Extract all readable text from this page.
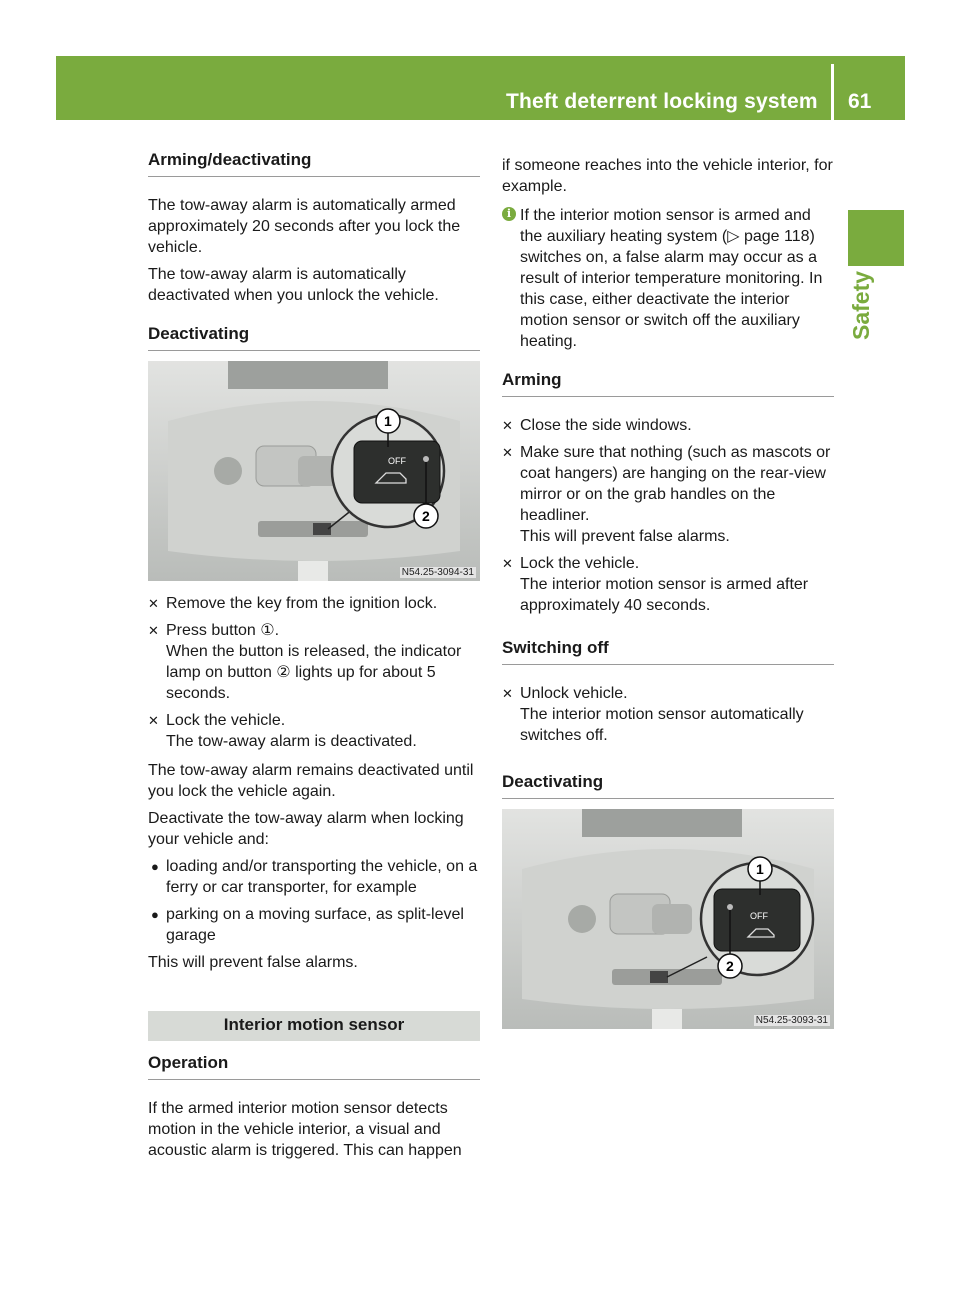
Theft deterrent locking system 61
Safety
Arming/deactivating

The tow-away alarm is automatically armed approximately 20 seconds after you lock the vehicle.

The tow-away alarm is automatically deactivated when you unlock the vehicle.

Deactivating
OFF
1
2
N54.25-3094-31
✕ Remove the key from the ignition lock.
✕ Press button ①.
When the button is released, the indicator lamp on button ② lights up for about 5 seconds.
✕ Lock the vehicle.
The tow-away alarm is deactivated.

The tow-away alarm remains deactivated until you lock the vehicle again.

Deactivate the tow-away alarm when locking your vehicle and:

● loading and/or transporting the vehicle, on a ferry or car transporter, for example
● parking on a moving surface, as split-level garage

This will prevent false alarms.

Interior motion sensor
Operation

If the armed interior motion sensor detects motion in the vehicle interior, a visual and acoustic alarm is triggered. This can happen

if someone reaches into the vehicle interior, for example.

i If the interior motion sensor is armed and the auxiliary heating system (▷ page 118) switches on, a false alarm may occur as a result of interior temperature monitoring. In this case, either deactivate the interior motion sensor or switch off the auxiliary heating.
Arming
✕ Close the side windows.
✕ Make sure that nothing (such as mascots or coat hangers) are hanging on the rear-view mirror or on the grab handles on the headliner.
This will prevent false alarms.
✕ Lock the vehicle.
The interior motion sensor is armed after approximately 40 seconds.
Switching off
✕ Unlock vehicle.
The interior motion sensor automatically switches off.
Deactivating
OFF
1
2
N54.25-3093-31
